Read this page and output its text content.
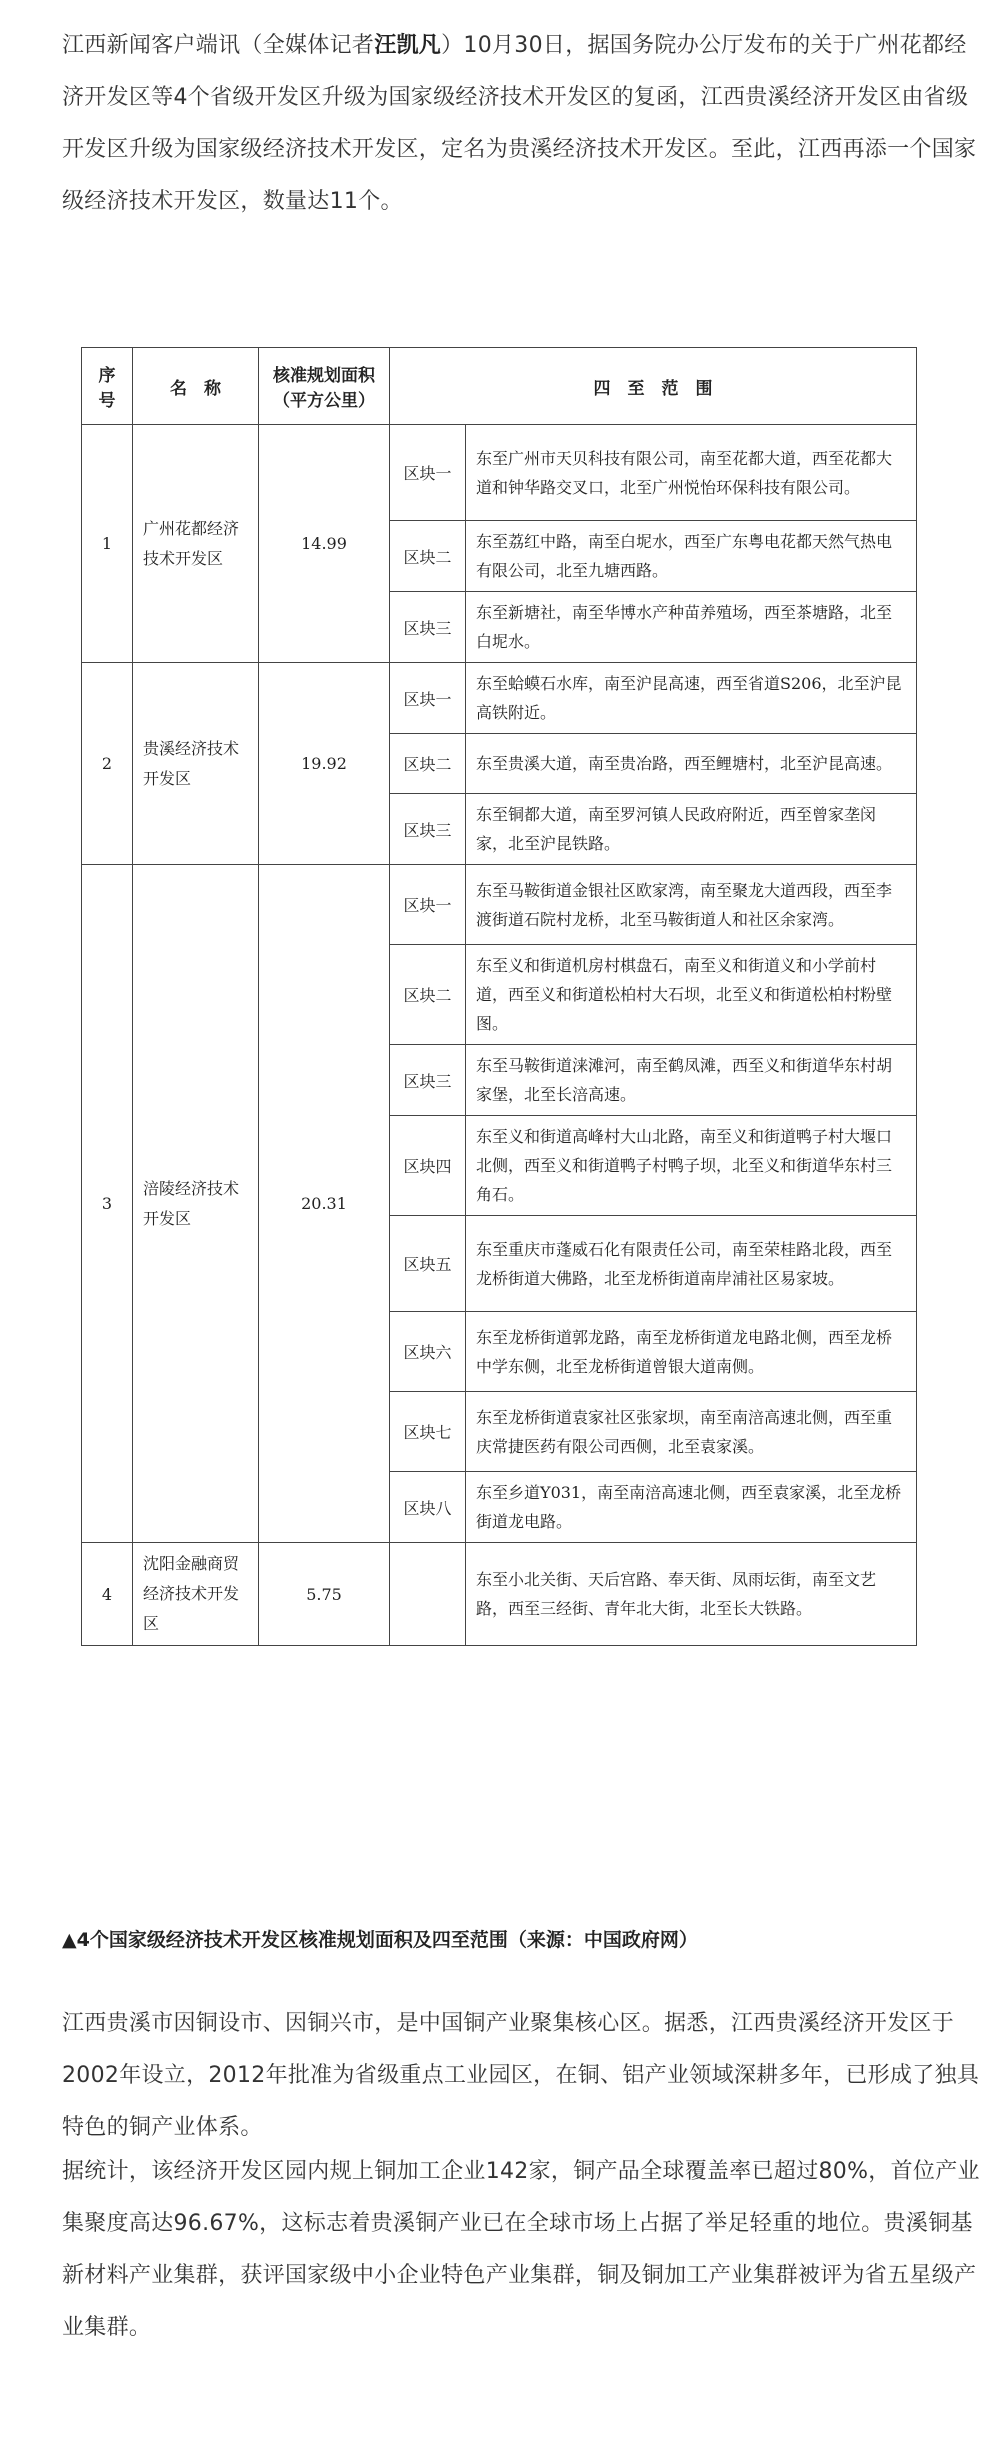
江西新闻客户端讯（全媒体记者汪凯凡）10月30日，据国务院办公厅发布的关于广州花都经济开发区等4个省级开发区升级为国家级经济技术开发区的复函，江西贵溪经济开发区由省级开发区升级为国家级经济技术开发区，定名为贵溪经济技术开发区。至此，江西再添一个国家级经济技术开发区，数量达11个。
序号	名　称	核准规划面积（平方公里）	四　至　范　围	
1	广州花都经济技术开发区	14.99	区块一	东至广州市天贝科技有限公司，南至花都大道，西至花都大道和钟华路交叉口，北至广州悦怡环保科技有限公司。
			区块二	东至荔红中路，南至白坭水，西至广东粤电花都天然气热电有限公司，北至九塘西路。
			区块三	东至新塘社，南至华博水产种苗养殖场，西至茶塘路，北至白坭水。
2	贵溪经济技术开发区	19.92	区块一	东至蛤蟆石水库，南至沪昆高速，西至省道S206，北至沪昆高铁附近。
			区块二	东至贵溪大道，南至贵冶路，西至鲤塘村，北至沪昆高速。
			区块三	东至铜都大道，南至罗河镇人民政府附近，西至曾家垄闵家，北至沪昆铁路。
3	涪陵经济技术开发区	20.31	区块一	东至马鞍街道金银社区欧家湾，南至聚龙大道西段，西至李渡街道石院村龙桥，北至马鞍街道人和社区余家湾。
			区块二	东至义和街道机房村棋盘石，南至义和街道义和小学前村道，西至义和街道松柏村大石坝，北至义和街道松柏村粉壁图。
			区块三	东至马鞍街道涞滩河，南至鹤凤滩，西至义和街道华东村胡家堡，北至长涪高速。
			区块四	东至义和街道高峰村大山北路，南至义和街道鸭子村大堰口北侧，西至义和街道鸭子村鸭子坝，北至义和街道华东村三角石。
			区块五	东至重庆市蓬威石化有限责任公司，南至荣桂路北段，西至龙桥街道大佛路，北至龙桥街道南岸浦社区易家坡。
			区块六	东至龙桥街道郭龙路，南至龙桥街道龙电路北侧，西至龙桥中学东侧，北至龙桥街道曾银大道南侧。
			区块七	东至龙桥街道袁家社区张家坝，南至南涪高速北侧，西至重庆常捷医药有限公司西侧，北至袁家溪。
			区块八	东至乡道Y031，南至南涪高速北侧，西至袁家溪，北至龙桥街道龙电路。
4	沈阳金融商贸经济技术开发区	5.75		东至小北关街、天后宫路、奉天街、凤雨坛街，南至文艺路，西至三经街、青年北大街，北至长大铁路。
▲4个国家级经济技术开发区核准规划面积及四至范围（来源：中国政府网）
江西贵溪市因铜设市、因铜兴市，是中国铜产业聚集核心区。据悉，江西贵溪经济开发区于2002年设立，2012年批准为省级重点工业园区，在铜、铝产业领域深耕多年，已形成了独具特色的铜产业体系。
据统计，该经济开发区园内规上铜加工企业142家，铜产品全球覆盖率已超过80%，首位产业集聚度高达96.67%，这标志着贵溪铜产业已在全球市场上占据了举足轻重的地位。贵溪铜基新材料产业集群，获评国家级中小企业特色产业集群，铜及铜加工产业集群被评为省五星级产业集群。
